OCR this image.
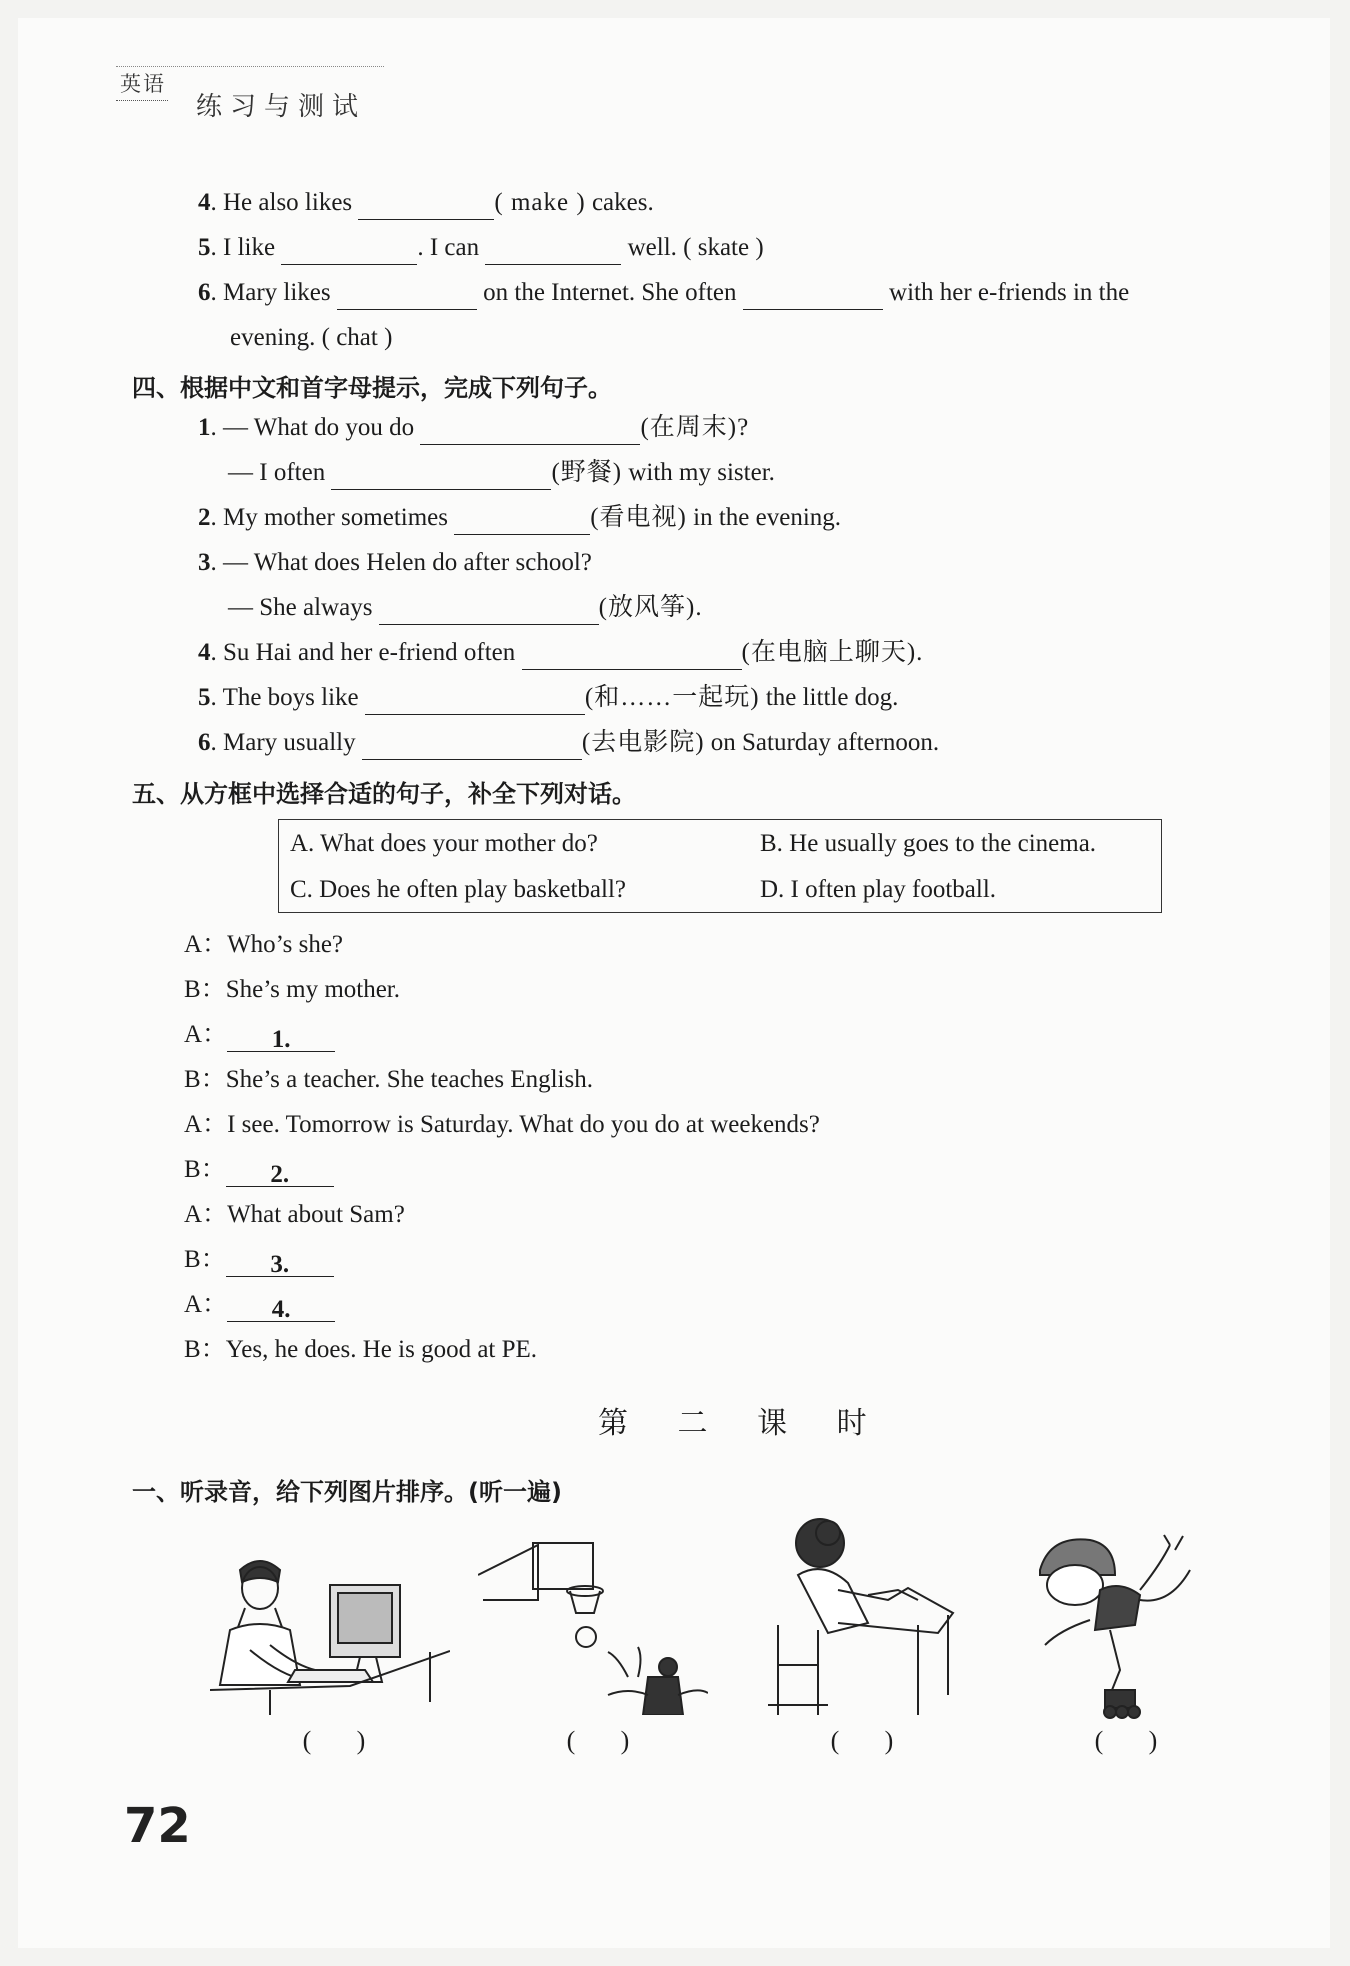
英语
练习与测试
4. He also likes	( make ) cakes.
5. I like	. I can	well. ( skate )
6. Mary likes	on the Internet. She often	with her e-friends in the
evening. ( chat )
四、根据中文和首字母提示，完成下列句子。
1. — What do you do	(在周末)?
— I often	(野餐) with my sister.
2. My mother sometimes	(看电视) in the evening.
3. — What does Helen do after school?
— She always	(放风筝).
4. Su Hai and her e-friend often	(在电脑上聊天).
5. The boys like	(和……一起玩) the little dog.
6. Mary usually	(去电影院) on Saturday afternoon.
五、从方框中选择合适的句子，补全下列对话。
A. What does your mother do?	B. He usually goes to the cinema.
C. Does he often play basketball?	D. I often play football.
A：Who’s she?
B：She’s my mother.
A： 1.
B：She’s a teacher. She teaches English.
A：I see. Tomorrow is Saturday. What do you do at weekends?
B： 2.
A：What about Sam?
B： 3.
A： 4.
B：Yes, he does. He is good at PE.
第 二 课 时
一、听录音，给下列图片排序。(听一遍)
( )	( )	( )	( )
72
